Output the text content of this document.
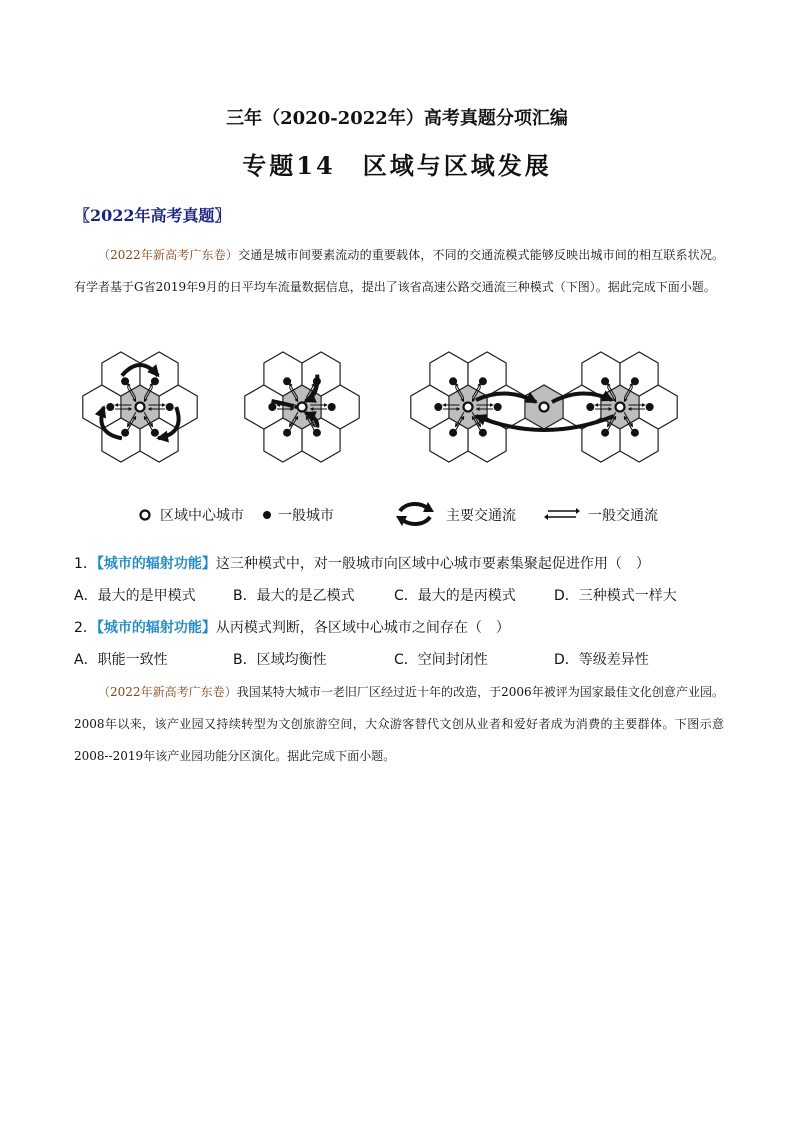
三年（2020-2022年）高考真题分项汇编
专题14　区域与区域发展
〖2022年高考真题〗
（2022年新高考广东卷）交通是城市间要素流动的重要载体，不同的交通流模式能够反映出城市间的相互联系状况。有学者基于G省2019年9月的日平均车流量数据信息，提出了该省高速公路交通流三种模式（下图）。据此完成下面小题。
区域中心城市 一般城市	主要交通流	一般交通流
1．【城市的辐射功能】这三种模式中，对一般城市向区域中心城市要素集聚起促进作用（　）
A．最大的是甲模式	B．最大的是乙模式	C．最大的是丙模式	D．三种模式一样大
2．【城市的辐射功能】从丙模式判断，各区域中心城市之间存在（　）
A．职能一致性	B．区域均衡性	C．空间封闭性	D．等级差异性
（2022年新高考广东卷）我国某特大城市一老旧厂区经过近十年的改造，于2006年被评为国家最佳文化创意产业园。2008年以来，该产业园又持续转型为文创旅游空间，大众游客替代文创从业者和爱好者成为消费的主要群体。下图示意2008--2019年该产业园功能分区演化。据此完成下面小题。
